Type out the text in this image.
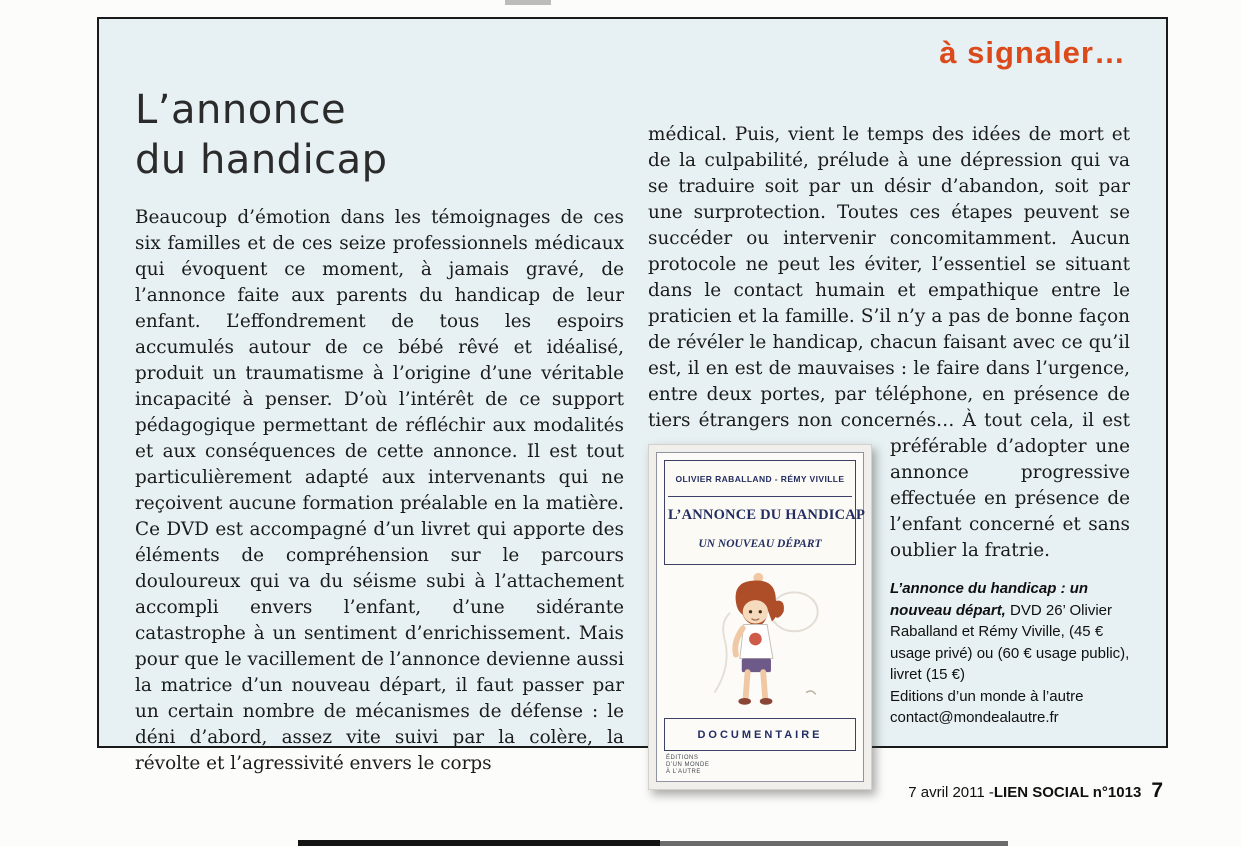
à signaler…
L’annonce
du handicap
Beaucoup d’émotion dans les témoignages de ces six familles et de ces seize professionnels médicaux qui évoquent ce moment, à jamais gravé, de l’annonce faite aux parents du handicap de leur enfant. L’effondrement de tous les espoirs accumulés autour de ce bébé rêvé et idéalisé, produit un traumatisme à l’origine d’une véritable incapacité à penser. D’où l’intérêt de ce support pédagogique permettant de réfléchir aux modalités et aux conséquences de cette annonce. Il est tout particulièrement adapté aux intervenants qui ne reçoivent aucune formation préalable en la matière. Ce DVD est accompagné d’un livret qui apporte des éléments de compréhension sur le parcours douloureux qui va du séisme subi à l’attachement accompli envers l’enfant, d’une sidérante catastrophe à un sentiment d’enrichissement. Mais pour que le vacillement de l’annonce devienne aussi la matrice d’un nouveau départ, il faut passer par un certain nombre de mécanismes de défense : le déni d’abord, assez vite suivi par la colère, la révolte et l’agressivité envers le corps
médical. Puis, vient le temps des idées de mort et de la culpabilité, prélude à une dépression qui va se traduire soit par un désir d’abandon, soit par une surprotection. Toutes ces étapes peuvent se succéder ou intervenir concomitamment. Aucun protocole ne peut les éviter, l’essentiel se situant dans le contact humain et empathique entre le praticien et la famille. S’il n’y a pas de bonne façon de révéler le handicap, chacun faisant avec ce qu’il est, il en est de mauvaises : le faire dans l’urgence, entre deux portes, par téléphone, en présence de tiers étrangers non concernés… À tout
OLIVIER RABALLAND - RÉMY VIVILLE
L’ANNONCE DU HANDICAP
UN NOUVEAU DÉPART
DOCUMENTAIRE
ÉDITIONS
D’UN MONDE
À L’AUTRE
cela, il est préférable d’adopter une annonce progressive effectuée en présence de l’enfant concerné et sans oublier la fratrie.
L’annonce du handicap : un nouveau départ, DVD 26’ Olivier Raballand et Rémy Viville, (45 € usage privé) ou (60 € usage public), livret (15 €)
Editions d’un monde à l’autre
contact@mondealautre.fr
7 avril 2011 - LIEN SOCIAL n°1013 7
